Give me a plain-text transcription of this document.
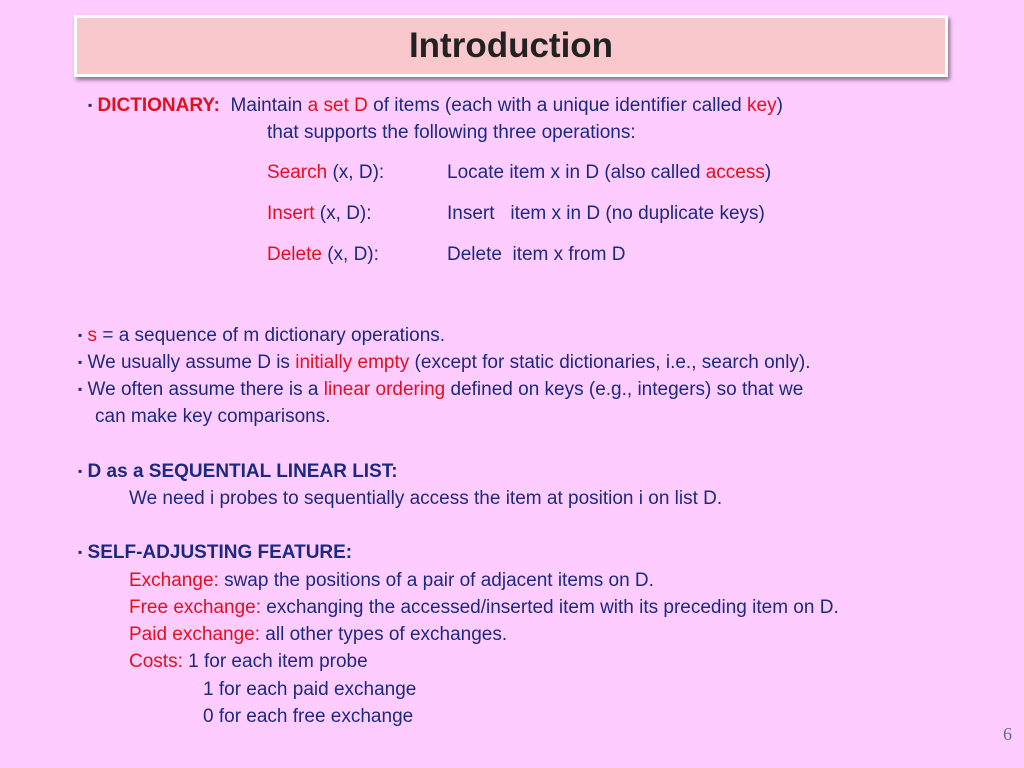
Introduction
▪ DICTIONARY: Maintain a set D of items (each with a unique identifier called key)
that supports the following three operations:
Search (x, D):	Locate item x in D (also called access)
Insert (x, D):	Insert   item x in D (no duplicate keys)
Delete (x, D):	Delete  item x from D
▪ s = a sequence of m dictionary operations.
▪ We usually assume D is initially empty (except for static dictionaries, i.e., search only).
▪ We often assume there is a linear ordering defined on keys (e.g., integers) so that we
can make key comparisons.
▪ D as a SEQUENTIAL LINEAR LIST:
We need i probes to sequentially access the item at position i on list D.
▪ SELF-ADJUSTING FEATURE:
Exchange: swap the positions of a pair of adjacent items on D.
Free exchange: exchanging the accessed/inserted item with its preceding item on D.
Paid exchange: all other types of exchanges.
Costs: 1 for each item probe
1 for each paid exchange
0 for each free exchange
6
